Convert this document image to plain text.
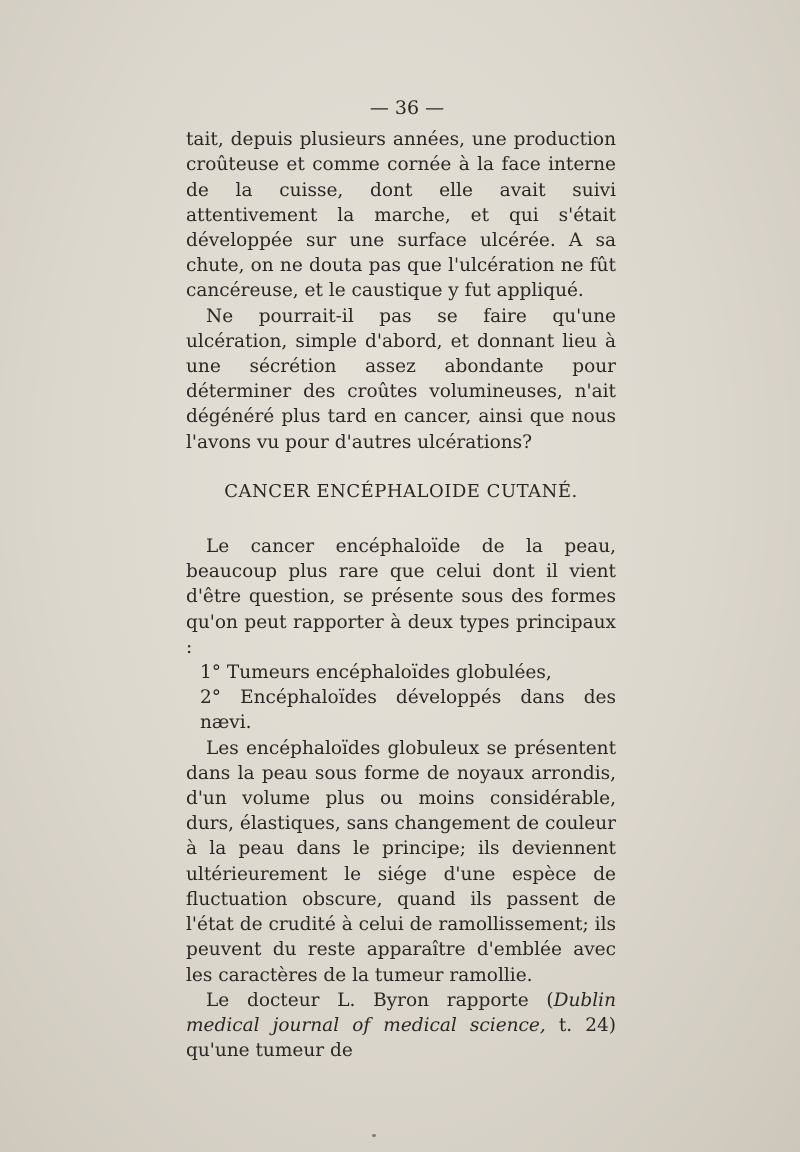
— 36 —

tait, depuis plusieurs années, une production croûteuse et comme cornée à la face interne de la cuisse, dont elle avait suivi attentivement la marche, et qui s'était développée sur une surface ulcérée. A sa chute, on ne douta pas que l'ulcération ne fût cancéreuse, et le caustique y fut appliqué.

Ne pourrait-il pas se faire qu'une ulcération, simple d'abord, et donnant lieu à une sécrétion assez abondante pour déterminer des croûtes volumineuses, n'ait dégénéré plus tard en cancer, ainsi que nous l'avons vu pour d'autres ulcérations?

CANCER ENCÉPHALOIDE CUTANÉ.

Le cancer encéphaloïde de la peau, beaucoup plus rare que celui dont il vient d'être question, se présente sous des formes qu'on peut rapporter à deux types principaux :

1° Tumeurs encéphaloïdes globulées,

2° Encéphaloïdes développés dans des nævi.

Les encéphaloïdes globuleux se présentent dans la peau sous forme de noyaux arrondis, d'un volume plus ou moins considérable, durs, élastiques, sans changement de couleur à la peau dans le principe; ils deviennent ultérieurement le siége d'une espèce de fluctuation obscure, quand ils passent de l'état de crudité à celui de ramollissement; ils peuvent du reste apparaître d'emblée avec les caractères de la tumeur ramollie.

Le docteur L. Byron rapporte (Dublin medical journal of medical science, t. 24) qu'une tumeur de
